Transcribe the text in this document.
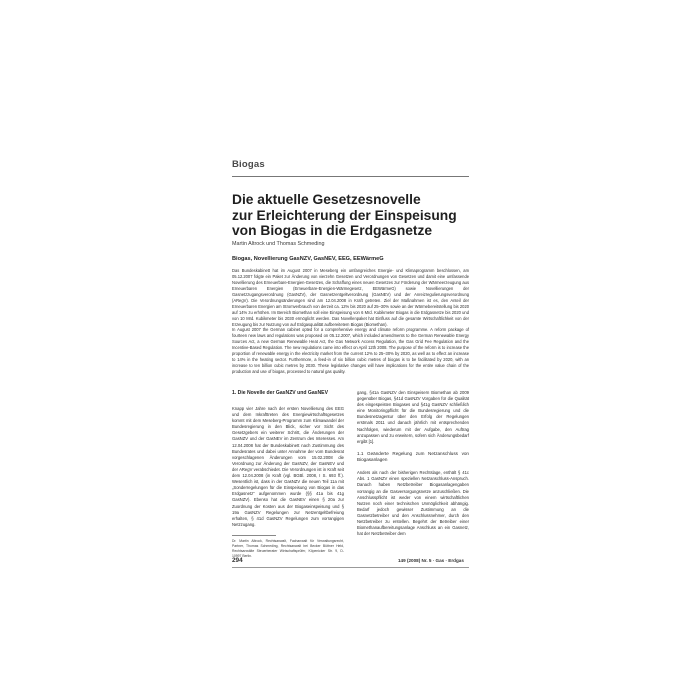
Biogas
Die aktuelle Gesetzesnovelle
zur Erleichterung der Einspeisung
von Biogas in die Erdgasnetze
Martin Altrock und Thomas Schmeding
Biogas, Novellierung GasNZV, GasNEV, EEG, EEWärmeG
Das Bundeskabinett hat im August 2007 in Meseberg ein umfangreiches Energie- und Klimaprogramm beschlossen, am 05.12.2007 folgte ein Paket zur Änderung von vierzehn Gesetzen und Verordnungen von Gesetzen und damit eine umfassende Novellierung des Erneuerbare-Energien-Gesetzes, die Schaffung eines neuen Gesetzes zur Förderung der Wärmeerzeugung aus Erneuerbaren Energien (Erneuerbare-Energien-Wärmegesetz, EEWärmeG) sowie Novellierungen der Gasnetzzugangsverordnung (GasNZV), der Gasnetzentgeltverordnung (GasNEV) und der Anreizregulierungsverordnung (ARegV). Die Verordnungsänderungen sind am 12.04.2008 in Kraft getreten. Ziel der Maßnahmen ist es, den Anteil der Erneuerbaren Energien am Stromverbrauch von derzeit ca. 12% bis 2020 auf 25–30% sowie an der Wärmebereitstellung bis 2020 auf 14% zu erhöhen. Im Bereich Biomethan soll eine Einspeisung von 6 Mrd. Kubikmeter Biogas in die Erdgasnetze bis 2020 und von 10 Mrd. Kubikmeter bis 2030 ermöglicht werden. Das Novellenpaket hat Einfluss auf die gesamte Wirtschaftlichkeit von der Erzeugung bis zur Nutzung von auf Erdgasqualität aufbereitetem Biogas (Biomethan).
In August 2007 the German cabinet opted for a comprehensive energy and climate reform programme. A reform package of fourteen new laws and regulations was proposed on 05.12.2007, which included amendments to the German Renewable Energy Sources Act, a new German Renewable Heat Act, the Gas Network Access Regulation, the Gas Grid Fee Regulation and the Incentive-Based Regulation. The new regulations came into effect on April 12th 2008. The purpose of the reform is to increase the proportion of renewable energy in the electricity market from the current 12% to 25–30% by 2020, as well as to effect an increase to 14% in the heating sector. Furthermore, a feed-in of six billion cubic metres of biogas is to be facilitated by 2020, with an increase to ten billion cubic metres by 2030. These legislative changes will have implications for the entire value chain of the production and use of biogas, processed to natural gas quality.
1. Die Novelle der GasNZV und GasNEV

Knapp vier Jahre nach der ersten Novellierung des EEG und dem Inkrafttreten des Energiewirtschaftsgesetzes kommt mit dem Meseberg-Programm zum Klimawandel der Bundesregierung in den Blick, sicher vor Sicht des Gesetzgebers ein weiterer Schritt, die Änderungen der GasNZV und der GasNEV im Zentrum des Interesses. Am 12.04.2008 hat der Bundeskabinett nach Zustimmung des Bundesrates und dabei unter Annahme der vom Bundesrat vorgeschlagenen Änderungen vom 15.02.2008 die Verordnung zur Änderung der GasNZV, der GasNEV und der ARegV verabschiedet. Die Verordnungen ist in Kraft seit dem 12.04.2008 (in Kraft (vgl. BGBl. 2008, I S. 693 ff.). Wesentlich ist, dass in der GasNZV die neuen Teil 11a mit „Sonderregelungen für die Einspeisung von Biogas in das Erdgasnetz“ aufgenommen wurde (§§ 41a bis 41g GasNZV). Ebenso hat die GasNEV einen § 20a zur Zuordnung der Kosten aus der Biogaseinspeisung und § 19a GasNZV Regelungen zur Netzentgeltbefreiung erhalten, § 41d GasNZV Regelungen zum vorrangigen Netzzugang.

gang, §41a GasNZV den Einspeisern Biomethan ab 2009 gegenüber Biogas, §41d GasNZV Vorgaben für die Qualität des eingespeisten Biogases und §41g GasNZV schließlich eine Monitoringpflicht für die Bundesregierung und die Bundesnetzagentur über den Erfolg der Regelungen erstmals 2011 und danach jährlich mit entsprechenden Nachfolgen, wiederum mit der Aufgabe, den Auftrag anzupassen und zu erweitern, sofern sich Änderungsbedarf ergibt [1].

1.1 Geänderte Regelung zum Netzanschluss von Biogasanlagen

Anders als nach der bisherigen Rechtslage, enthält § 41c Abs. 1 GasNZV einen speziellen Netzanschluss-Anspruch. Danach haben Netzbetreiber Biogasanlagengaben vorrangig an die Gasversorgungsnetze anzuschließen. Die Anschlusspflicht ist weder von einem wirtschaftlichen Nutzen noch einer technischen Unmöglichkeit abhängig. Bedarf jedoch gewisser Zustimmung an die Gasnetzbetreiber und den Anschlussnehmer, durch den Netzbetreiber zu erstellen. Begehrt der Betreiber einer Biomethanaufbereitungsanlage Anschluss an ein Gasnetz, hat der Netzbetreiber dem

Dr. Martin Altrock, Rechtsanwalt, Fachanwalt für Verwaltungsrecht, Partner, Thomas Schmeding, Rechtsanwalt bei Becker Büttner Held, Rechtsanwälte Steuerberater Wirtschaftsprüfer, Köpenicker Str. 9, D-10997 Berlin.
294	149 (2008) Nr. 5 · Gas · Erdgas
